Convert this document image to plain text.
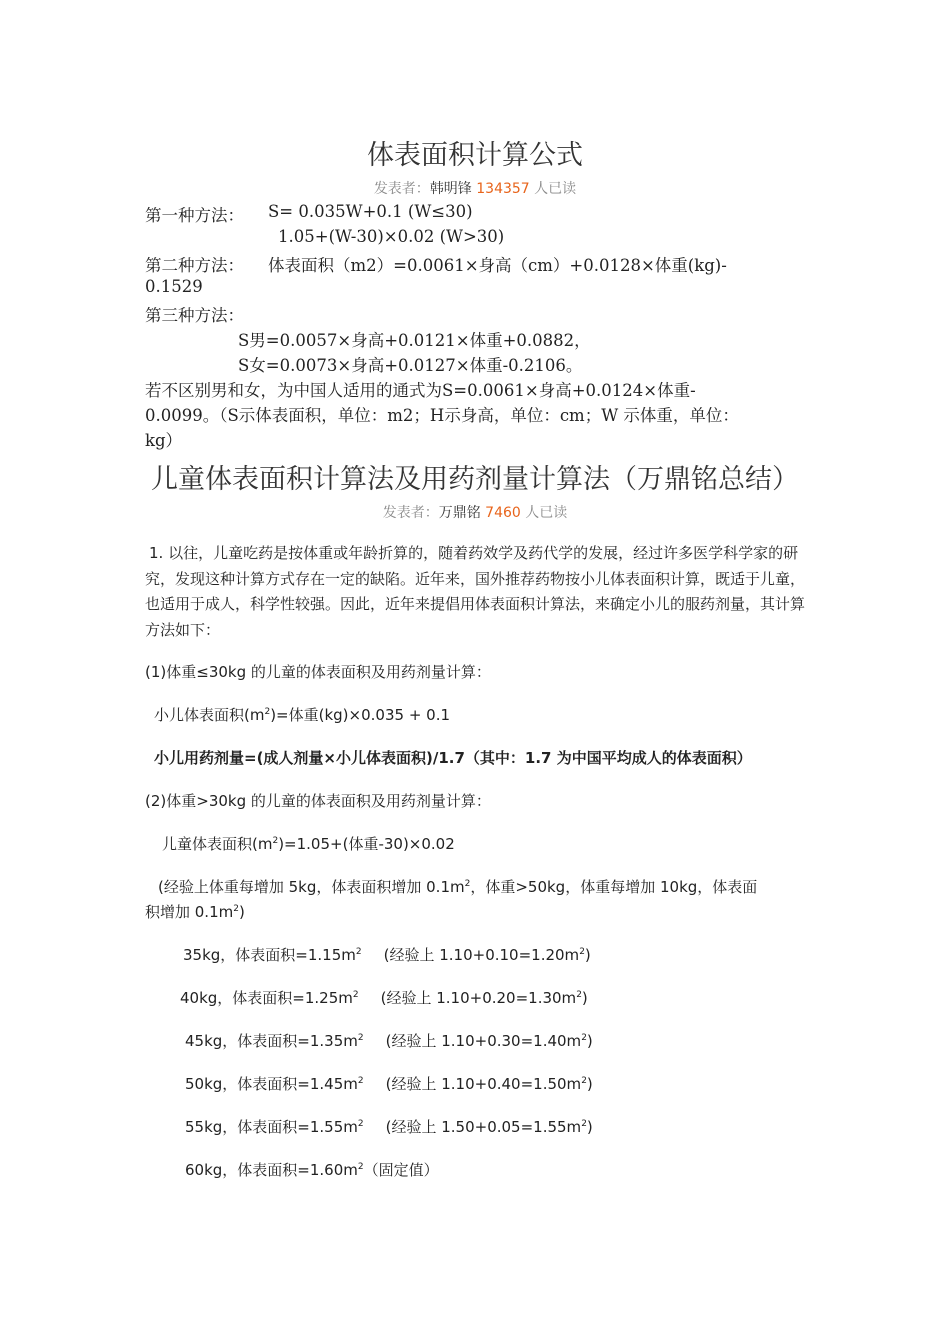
体表面积计算公式
发表者：韩明锋 134357 人已读
第一种方法： S= 0.035W+0.1 (W≤30)
1.05+(W-30)×0.02 (W>30)
第二种方法： 体表面积（m2）=0.0061×身高（cm）+0.0128×体重(kg)-
0.1529
第三种方法：
S男=0.0057×身高+0.0121×体重+0.0882，
S女=0.0073×身高+0.0127×体重-0.2106。
若不区别男和女，为中国人适用的通式为S=0.0061×身高+0.0124×体重-
0.0099。（S示体表面积，单位：m2；H示身高，单位：cm；W 示体重，单位：
kg）
儿童体表面积计算法及用药剂量计算法（万鼎铭总结）
发表者：万鼎铭 7460 人已读
1. 以往，儿童吃药是按体重或年龄折算的，随着药效学及药代学的发展，经过许多医学科学家的研究，发现这种计算方式存在一定的缺陷。近年来，国外推荐药物按小儿体表面积计算，既适于儿童，也适用于成人，科学性较强。因此，近年来提倡用体表面积计算法，来确定小儿的服药剂量，其计算方法如下：
(1)体重≤30kg 的儿童的体表面积及用药剂量计算：
小儿体表面积$(m^2)=$体重(kg)×0.035 + 0.1
小儿用药剂量=(成人剂量×小儿体表面积)/1.7（其中：1.7 为中国平均成人的体表面积）
(2)体重>30kg 的儿童的体表面积及用药剂量计算：
儿童体表面积$(m^2)=1.05+$(体重-30)×0.02
(经验上体重每增加 5kg，体表面积增加 $0.1m^2$，体重>50kg，体重每增加 10kg，体表面
积增加 $0.1m^2$)
35kg，体表面积$=1.15m^2$ (经验上 $1.10+0.10=1.20m^2$)
40kg，体表面积$=1.25m^2$ (经验上 $1.10+0.20=1.30m^2$)
45kg，体表面积$=1.35m^2$ (经验上 $1.10+0.30=1.40m^2$)
50kg，体表面积$=1.45m^2$ (经验上 $1.10+0.40=1.50m^2$)
55kg，体表面积$=1.55m^2$ (经验上 $1.50+0.05=1.55m^2$)
60kg，体表面积$=1.60m^2$（固定值）
